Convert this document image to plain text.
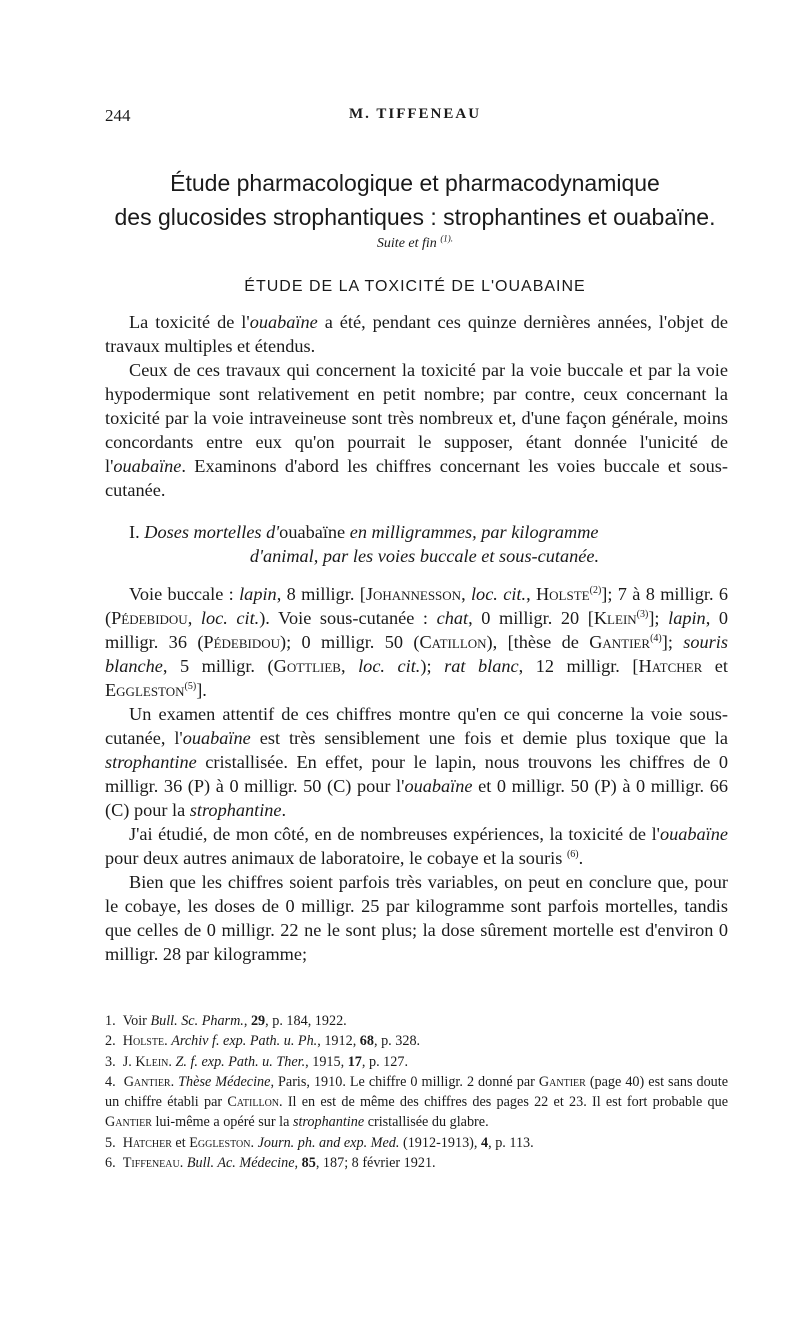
244	M. TIFFENEAU
Étude pharmacologique et pharmacodynamique
des glucosides strophantiques : strophantines et ouabaïne.
Suite et fin $^{(1).}$
ÉTUDE DE LA TOXICITÉ DE L'OUABAINE

La toxicité de l'ouabaïne a été, pendant ces quinze dernières années, l'objet de travaux multiples et étendus.

Ceux de ces travaux qui concernent la toxicité par la voie buccale et par la voie hypodermique sont relativement en petit nombre; par contre, ceux concernant la toxicité par la voie intraveineuse sont très nombreux et, d'une façon générale, moins concordants entre eux qu'on pourrait le supposer, étant donnée l'unicité de l'ouabaïne. Examinons d'abord les chiffres concernant les voies buccale et sous-cutanée.

I. Doses mortelles d'ouabaïne en milligrammes, par kilogramme
d'animal, par les voies buccale et sous-cutanée.

Voie buccale : lapin, 8 milligr. [Johannesson, loc. cit., Holste$^{(2)}$]; 7 à 8 milligr. 6 (Pédebidou, loc. cit.). Voie sous-cutanée : chat, 0 milligr. 20 [Klein$^{(3)}$]; lapin, 0 milligr. 36 (Pédebidou); 0 milligr. 50 (Catillon), [thèse de Gantier$^{(4)}$]; souris blanche, 5 milligr. (Gottlieb, loc. cit.); rat blanc, 12 milligr. [Hatcher et Eggleston$^{(5)}$].

Un examen attentif de ces chiffres montre qu'en ce qui concerne la voie sous-cutanée, l'ouabaïne est très sensiblement une fois et demie plus toxique que la strophantine cristallisée. En effet, pour le lapin, nous trouvons les chiffres de 0 milligr. 36 (P) à 0 milligr. 50 (C) pour l'ouabaïne et 0 milligr. 50 (P) à 0 milligr. 66 (C) pour la strophantine.

J'ai étudié, de mon côté, en de nombreuses expériences, la toxicité de l'ouabaïne pour deux autres animaux de laboratoire, le cobaye et la souris $^{(6)}$.

Bien que les chiffres soient parfois très variables, on peut en conclure que, pour le cobaye, les doses de 0 milligr. 25 par kilogramme sont parfois mortelles, tandis que celles de 0 milligr. 22 ne le sont plus; la dose sûrement mortelle est d'environ 0 milligr. 28 par kilogramme;

1. Voir Bull. Sc. Pharm., 29, p. 184, 1922.

2. Holste. Archiv f. exp. Path. u. Ph., 1912, 68, p. 328.

3. J. Klein. Z. f. exp. Path. u. Ther., 1915, 17, p. 127.

4. Gantier. Thèse Médecine, Paris, 1910. Le chiffre 0 milligr. 2 donné par Gantier (page 40) est sans doute un chiffre établi par Catillon. Il en est de même des chiffres des pages 22 et 23. Il est fort probable que Gantier lui-même a opéré sur la strophantine cristallisée du glabre.

5. Hatcher et Eggleston. Journ. ph. and exp. Med. (1912-1913), 4, p. 113.

6. Tiffeneau. Bull. Ac. Médecine, 85, 187; 8 février 1921.
